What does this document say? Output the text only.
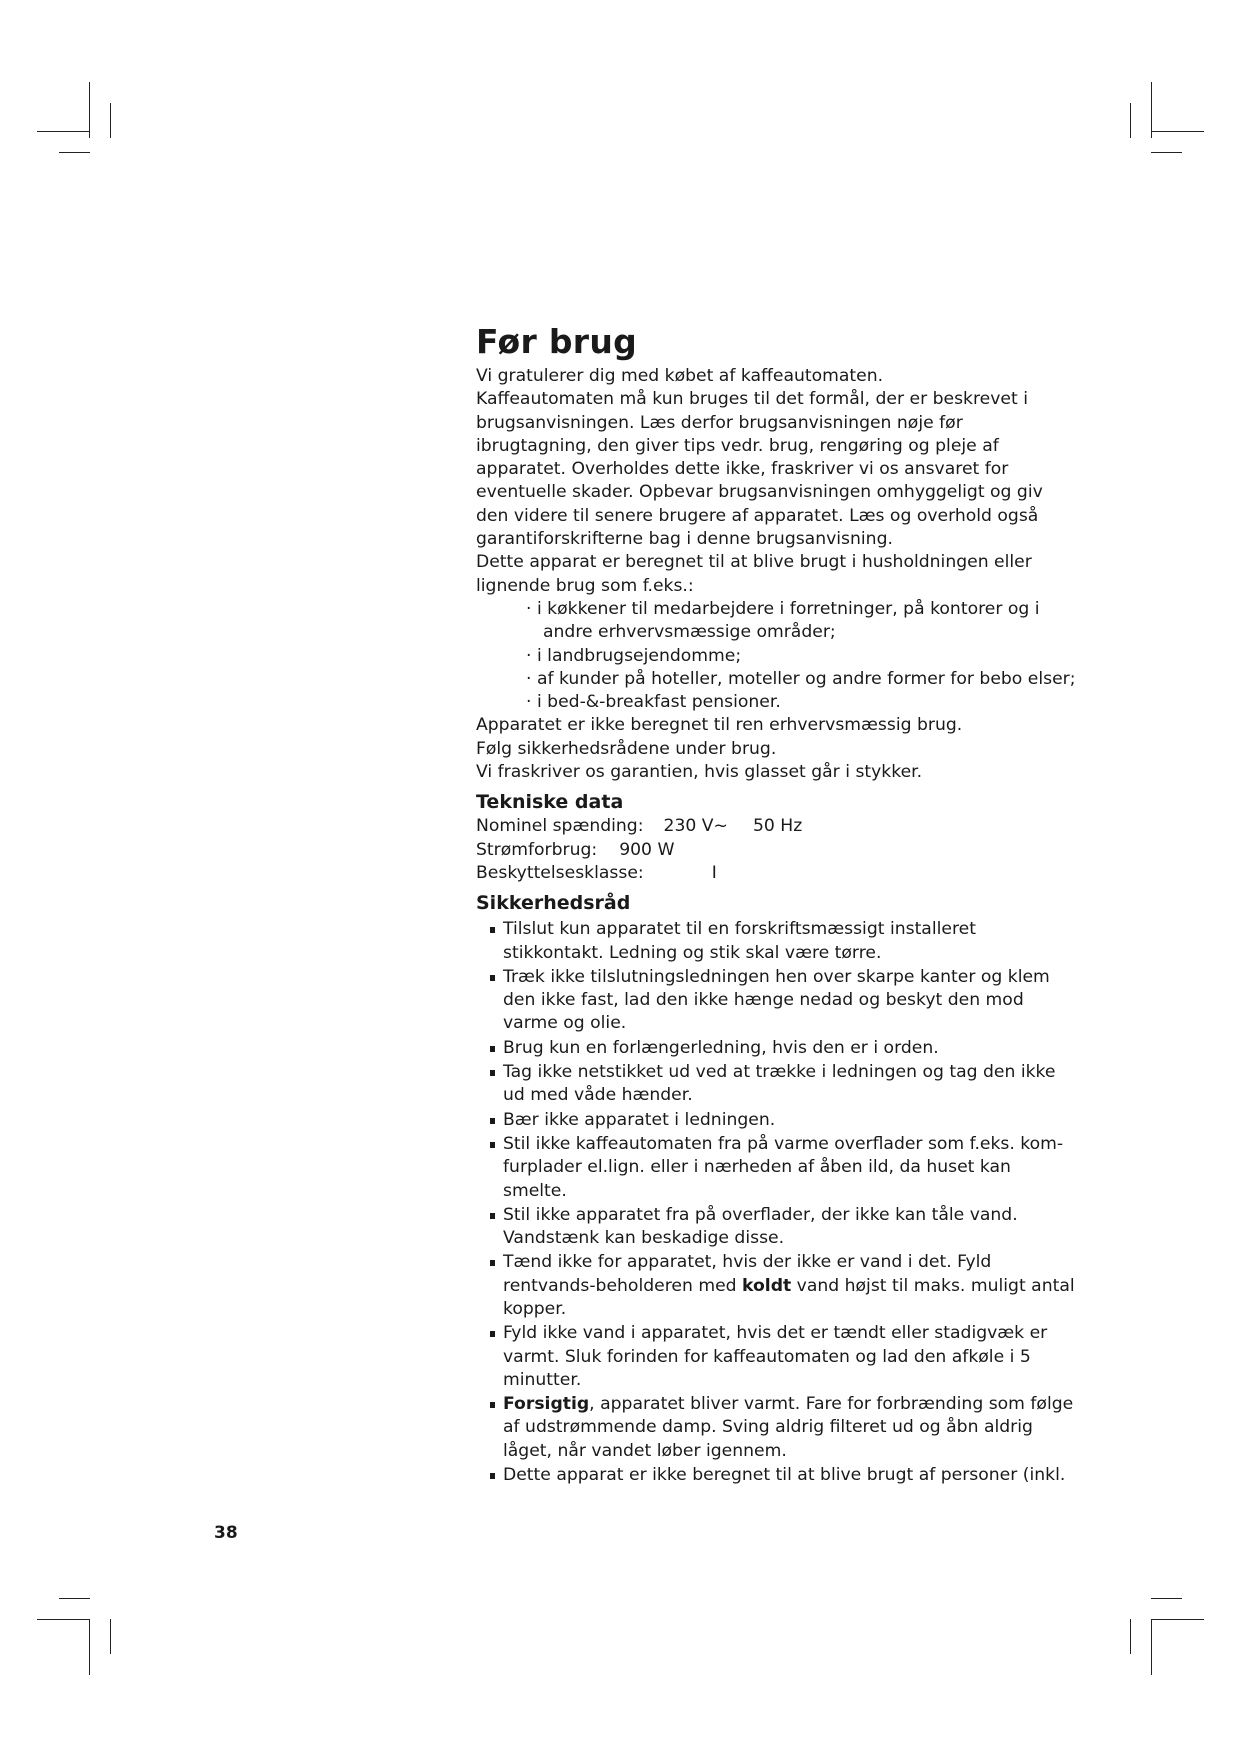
Før brug

Vi gratulerer dig med købet af kaffeautomaten.

Kaffeautomaten må kun bruges til det formål, der er beskrevet i brugsanvisningen. Læs derfor brugsanvisningen nøje før ibrugtagning, den giver tips vedr. brug, rengøring og pleje af apparatet. Overholdes dette ikke, fraskriver vi os ansvaret for eventuelle skader. Opbevar brugsanvisningen omhyggeligt og giv den videre til senere brugere af apparatet. Læs og overhold også garantiforskrifterne bag i denne brugsanvisning.

Dette apparat er beregnet til at blive brugt i husholdningen eller lignende brug som f.eks.:

· i køkkener til medarbejdere i forretninger, på kontorer og i andre erhvervsmæssige områder;
· i landbrugsejendomme;
· af kunder på hoteller, moteller og andre former for bebo elser;
· i bed-&-breakfast pensioner.

Apparatet er ikke beregnet til ren erhvervsmæssig brug.

Følg sikkerhedsrådene under brug.

Vi fraskriver os garantien, hvis glasset går i stykker.

Tekniske data
Nominel spænding: 230 V~ 50 Hz
Strømforbrug: 900 W
Beskyttelsesklasse:	I
Sikkerhedsråd
Tilslut kun apparatet til en forskriftsmæssigt installeret stikkontakt. Ledning og stik skal være tørre.
Træk ikke tilslutningsledningen hen over skarpe kanter og klem den ikke fast, lad den ikke hænge nedad og beskyt den mod varme og olie.
Brug kun en forlængerledning, hvis den er i orden.
Tag ikke netstikket ud ved at trække i ledningen og tag den ikke ud med våde hænder.
Bær ikke apparatet i ledningen.
Stil ikke kaffeautomaten fra på varme overflader som f.eks. kom-furplader el.lign. eller i nærheden af åben ild, da huset kan smelte.
Stil ikke apparatet fra på overflader, der ikke kan tåle vand. Vandstænk kan beskadige disse.
Tænd ikke for apparatet, hvis der ikke er vand i det. Fyld rentvands-beholderen med koldt vand højst til maks. muligt antal kopper.
Fyld ikke vand i apparatet, hvis det er tændt eller stadigvæk er varmt. Sluk forinden for kaffeautomaten og lad den afkøle i 5 minutter.
Forsigtig, apparatet bliver varmt. Fare for forbrænding som følge af udstrømmende damp. Sving aldrig filteret ud og åbn aldrig låget, når vandet løber igennem.
Dette apparat er ikke beregnet til at blive brugt af personer (inkl.
38
